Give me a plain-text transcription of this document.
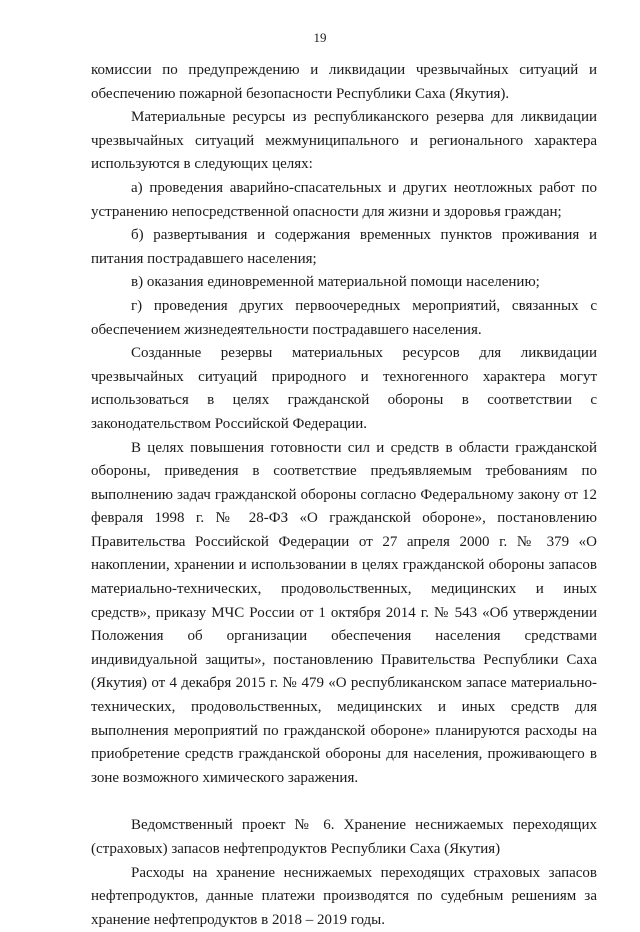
19

комиссии по предупреждению и ликвидации чрезвычайных ситуаций и обеспечению пожарной безопасности Республики Саха (Якутия).

Материальные ресурсы из республиканского резерва для ликвидации чрезвычайных ситуаций межмуниципального и регионального характера используются в следующих целях:

а) проведения аварийно-спасательных и других неотложных работ по устранению непосредственной опасности для жизни и здоровья граждан;

б) развертывания и содержания временных пунктов проживания и питания пострадавшего населения;

в) оказания единовременной материальной помощи населению;

г) проведения других первоочередных мероприятий, связанных с обеспечением жизнедеятельности пострадавшего населения.

Созданные резервы материальных ресурсов для ликвидации чрезвычайных ситуаций природного и техногенного характера могут использоваться в целях гражданской обороны в соответствии с законодательством Российской Федерации.

В целях повышения готовности сил и средств в области гражданской обороны, приведения в соответствие предъявляемым требованиям по выполнению задач гражданской обороны согласно Федеральному закону от 12 февраля 1998 г. № 28-ФЗ «О гражданской обороне», постановлению Правительства Российской Федерации от 27 апреля 2000 г. № 379 «О накоплении, хранении и использовании в целях гражданской обороны запасов материально-технических, продовольственных, медицинских и иных средств», приказу МЧС России от 1 октября 2014 г. № 543 «Об утверждении Положения об организации обеспечения населения средствами индивидуальной защиты», постановлению Правительства Республики Саха (Якутия) от 4 декабря 2015 г. № 479 «О республиканском запасе материально-технических, продовольственных, медицинских и иных средств для выполнения мероприятий по гражданской обороне» планируются расходы на приобретение средств гражданской обороны для населения, проживающего в зоне возможного химического заражения.

Ведомственный проект № 6. Хранение неснижаемых переходящих (страховых) запасов нефтепродуктов Республики Саха (Якутия)

Расходы на хранение неснижаемых переходящих страховых запасов нефтепродуктов, данные платежи производятся по судебным решениям за хранение нефтепродуктов в 2018 – 2019 годы.
